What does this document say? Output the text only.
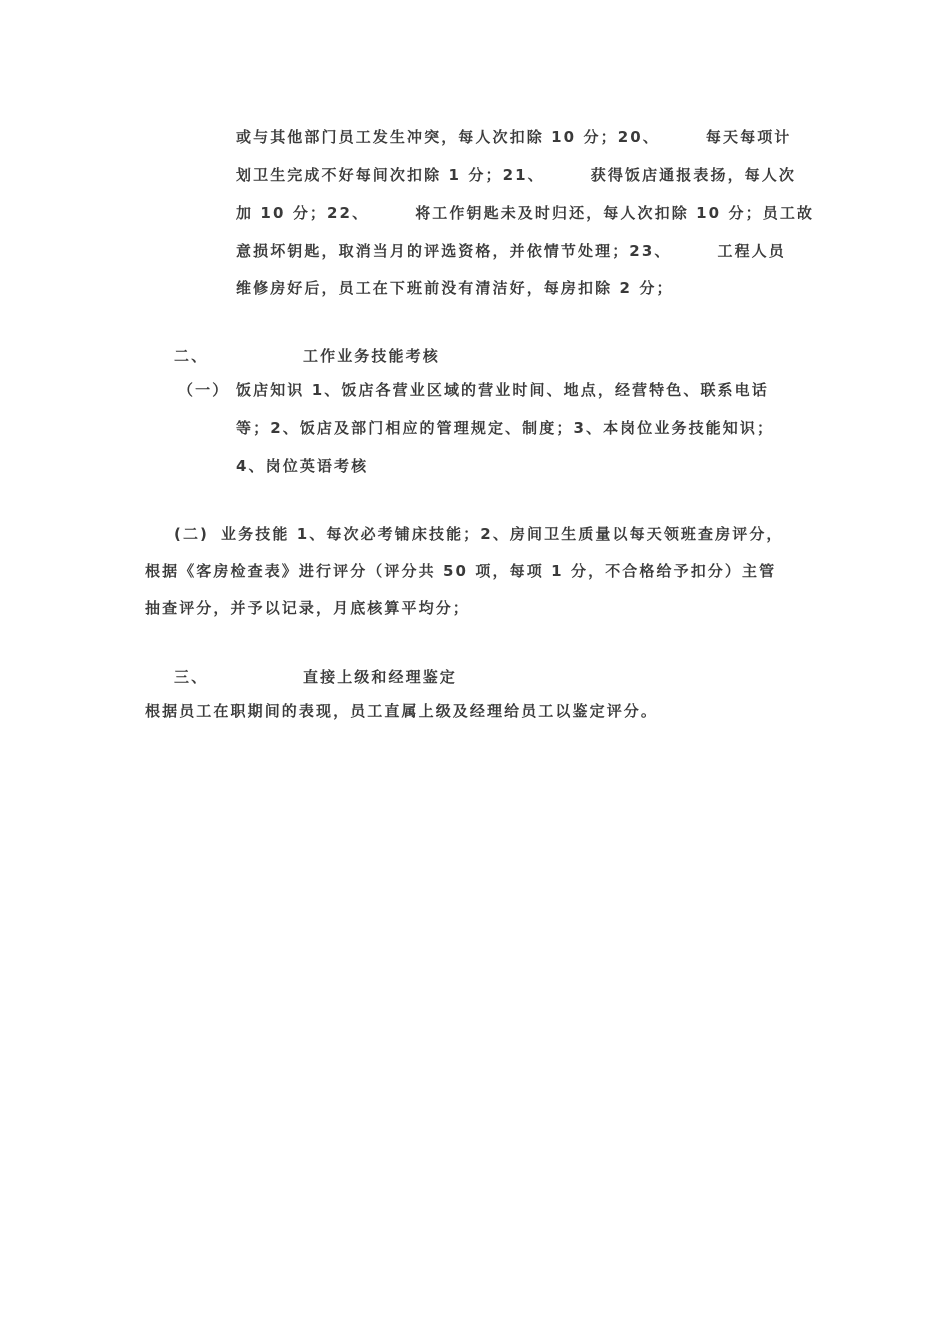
或与其他部门员工发生冲突，每人次扣除 10 分；20、	每天每项计
划卫生完成不好每间次扣除 1 分；21、	获得饭店通报表扬，每人次
加 10 分；22、	将工作钥匙未及时归还，每人次扣除 10 分；员工故
意损坏钥匙，取消当月的评选资格，并依情节处理；23、	工程人员
维修房好后，员工在下班前没有清洁好，每房扣除 2 分；
二、	工作业务技能考核
（一） 饭店知识 1、饭店各营业区域的营业时间、地点，经营特色、联系电话
等；2、饭店及部门相应的管理规定、制度；3、本岗位业务技能知识；
4、岗位英语考核
(二) 业务技能 1、每次必考铺床技能；2、房间卫生质量以每天领班查房评分，
根据《客房检查表》进行评分（评分共 50 项，每项 1 分，不合格给予扣分）主管
抽查评分，并予以记录，月底核算平均分；
三、	直接上级和经理鉴定
根据员工在职期间的表现，员工直属上级及经理给员工以鉴定评分。
